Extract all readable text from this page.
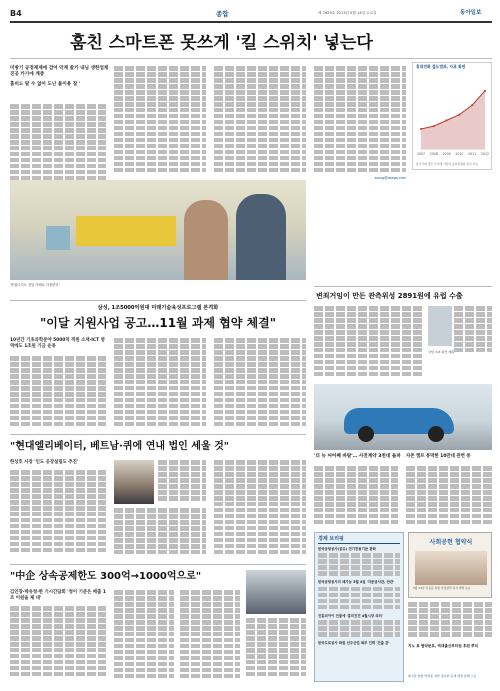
B4	종합	제 7629호 2013년 5월 14일 수요일	동아일보
훔친 스마트폰 못쓰게 '킬 스위치' 넣는다
미방기 공정제제에 검어 악계 쓸키 내님 생한업체 진공 카가에 계층
홈비드 탈 수 없어 도난 불이용 잘 '
휴대전화 절도범죄, 자료 화면
2007 2008 2009 2010 2011 2012
홈기기에 경민 단각배 기방장 공관위원회 일목 자료
'통합나지도 전달 가배로 사용된다'
변죄거임이 만든 관측위성 2891원에 유럽 수출
사업 수퍼 파견 계획
삼성, 1조5000억원대 미래기술육성프로그램 본격화
"이달 지원사업 공고…11월 과제 협약 체결"
10년간 기초과학분야 5000억 적원 소재·ICT 영역에도 1조원 기금 운용
'더 뉴 씨어쩨 바람'… 사전계약 3천대 돌파	자존 캠프 봉막한 10만대 관련 중
"현대엘리베이터, 베트남·퀴에 연내 법인 세울 것"
한상호 사장 '인도 공장설립도 추진'
경제 브리핑
한국공항공사(공유) 전기전용기준 완화
한국공항공사의 매가능 5월 4일 '자문공사관, 안관'
진흥외아이 선물에 '흥미진진 4월시장 외의'
한국도로공사 화원 선주산업 복부 인력 '진출 관'
사회공헌 협약식
5월 13일 신용문 복합 가정관련 지사 개발 동료
지노 표 협약문로, 역대출산부터원 후원 뿌리
제 1관 통할 박정통 처한 정교한 공개 재정 통해 스공
"中企 상속공제한도 300억→1000억으로"
김인장·박유청·한 기시간담회 '청이 기준은 매출 1조 이원을 제 대'
ssung@donga.com
